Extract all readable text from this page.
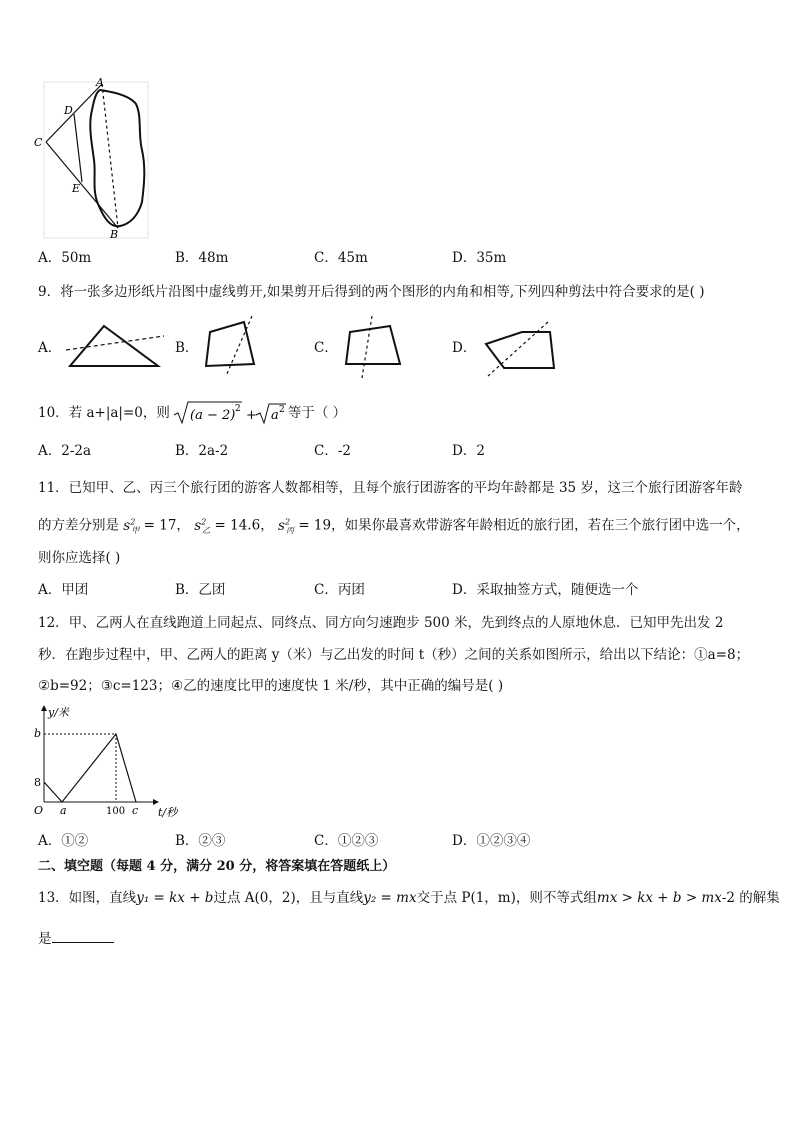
A
D
C
E
B
A．50m	B．48m	C．45m	D．35m
9．将一张多边形纸片沿图中虚线剪开,如果剪开后得到的两个图形的内角和相等,下列四种剪法中符合要求的是( )
A．	B．	C．	D．
10．若 a+|a|=0，则 (a − 2) 2 + a 2 等于（ ）
A．2-2a	B．2a-2	C．-2	D．2
11．已知甲、乙、丙三个旅行团的游客人数都相等，且每个旅行团游客的平均年龄都是 35 岁，这三个旅行团游客年龄
的方差分别是 $s^2_甲 = 17$， $s^2_乙 = 14.6$， $s^2_丙 = 19$，如果你最喜欢带游客年龄相近的旅行团，若在三个旅行团中选一个，
则你应选择( )
A．甲团	B．乙团	C．丙团	D．采取抽签方式，随便选一个
12．甲、乙两人在直线跑道上同起点、同终点、同方向匀速跑步 500 米，先到终点的人原地休息．已知甲先出发 2
秒．在跑步过程中，甲、乙两人的距离 y（米）与乙出发的时间 t（秒）之间的关系如图所示，给出以下结论：①a=8；
②b=92；③c=123；④乙的速度比甲的速度快 1 米/秒，其中正确的编号是( )
y/米
t/秒
O
b
8
a	100 c
A．①②	B．②③	C．①②③	D．①②③④
二、填空题（每题 4 分，满分 20 分，将答案填在答题纸上）
13．如图，直线y₁ = kx + b过点 A(0，2)，且与直线y₂ = mx交于点 P(1，m)，则不等式组mx > kx + b > mx-2 的解集
是
